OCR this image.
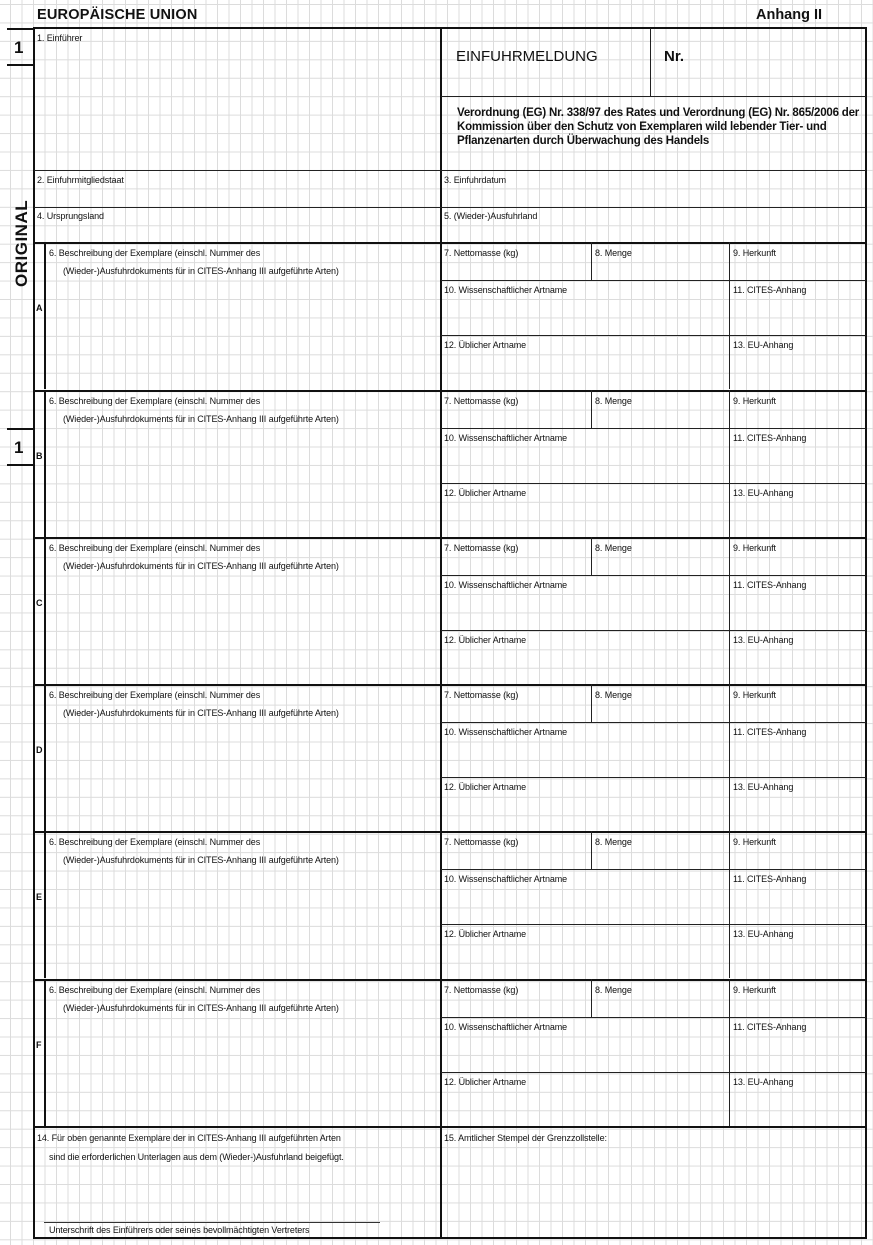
EUROPÄISCHE UNION	Anhang II
1
ORIGINAL
1
1. Einführer
EINFUHRMELDUNG	Nr.
Verordnung (EG) Nr. 338/97 des Rates und Verordnung (EG) Nr. 865/2006 der Kommission über den Schutz von Exemplaren wild lebender Tier- und Pflanzenarten durch Überwachung des Handels
2. Einfuhrmitgliedstaat	3. Einfuhrdatum
4. Ursprungsland	5. (Wieder-)Ausfuhrland
A
6. Beschreibung der Exemplare (einschl. Nummer des
(Wieder-)Ausfuhrdokuments für in CITES-Anhang III aufgeführte Arten)
7. Nettomasse (kg)	8. Menge	9. Herkunft
10. Wissenschaftlicher Artname	11. CITES-Anhang
12. Üblicher Artname	13. EU-Anhang
B
6. Beschreibung der Exemplare (einschl. Nummer des
(Wieder-)Ausfuhrdokuments für in CITES-Anhang III aufgeführte Arten)
7. Nettomasse (kg)	8. Menge	9. Herkunft
10. Wissenschaftlicher Artname	11. CITES-Anhang
12. Üblicher Artname	13. EU-Anhang
C
6. Beschreibung der Exemplare (einschl. Nummer des
(Wieder-)Ausfuhrdokuments für in CITES-Anhang III aufgeführte Arten)
7. Nettomasse (kg)	8. Menge	9. Herkunft
10. Wissenschaftlicher Artname	11. CITES-Anhang
12. Üblicher Artname	13. EU-Anhang
D
6. Beschreibung der Exemplare (einschl. Nummer des
(Wieder-)Ausfuhrdokuments für in CITES-Anhang III aufgeführte Arten)
7. Nettomasse (kg)	8. Menge	9. Herkunft
10. Wissenschaftlicher Artname	11. CITES-Anhang
12. Üblicher Artname	13. EU-Anhang
E
6. Beschreibung der Exemplare (einschl. Nummer des
(Wieder-)Ausfuhrdokuments für in CITES-Anhang III aufgeführte Arten)
7. Nettomasse (kg)	8. Menge	9. Herkunft
10. Wissenschaftlicher Artname	11. CITES-Anhang
12. Üblicher Artname	13. EU-Anhang
F
6. Beschreibung der Exemplare (einschl. Nummer des
(Wieder-)Ausfuhrdokuments für in CITES-Anhang III aufgeführte Arten)
7. Nettomasse (kg)	8. Menge	9. Herkunft
10. Wissenschaftlicher Artname	11. CITES-Anhang
12. Üblicher Artname	13. EU-Anhang
14. Für oben genannte Exemplare der in CITES-Anhang III aufgeführten Arten
sind die erforderlichen Unterlagen aus dem (Wieder-)Ausfuhrland beigefügt.
Unterschrift des Einführers oder seines bevollmächtigten Vertreters
15. Amtlicher Stempel der Grenzzollstelle:
